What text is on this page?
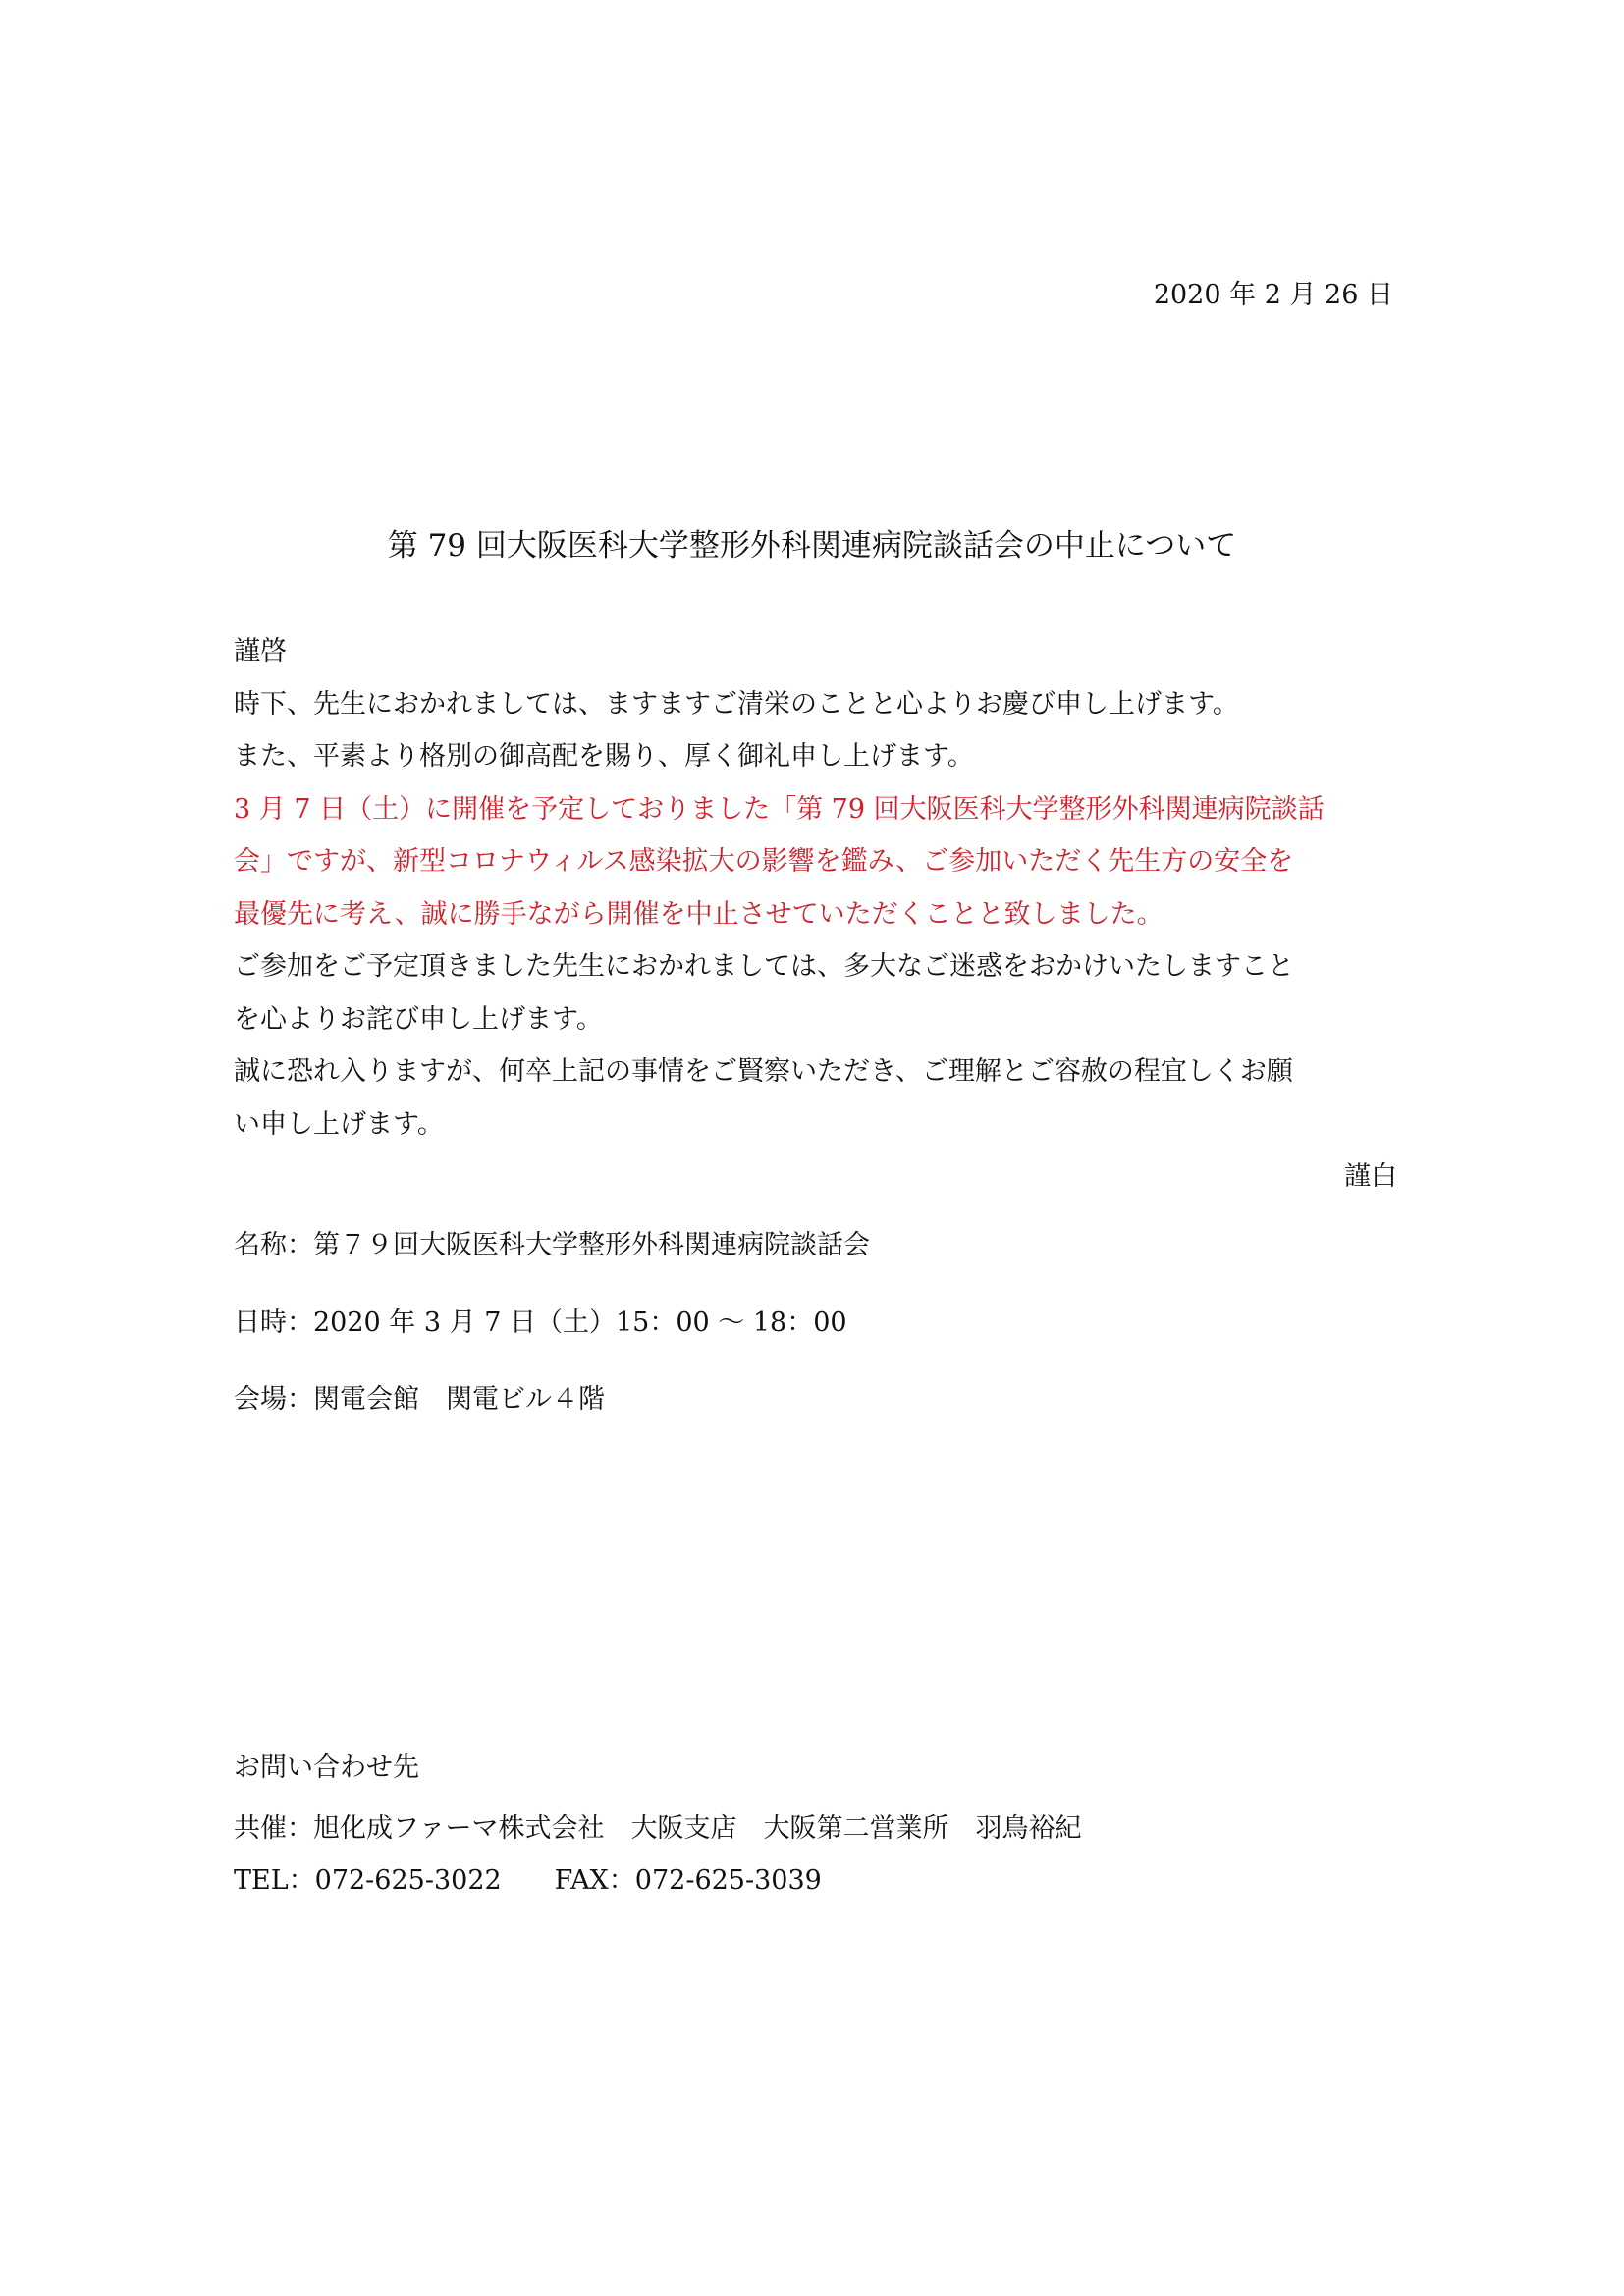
2020 年 2 月 26 日
第 79 回大阪医科大学整形外科関連病院談話会の中止について
謹啓
時下、先生におかれましては、ますますご清栄のことと心よりお慶び申し上げます。
また、平素より格別の御高配を賜り、厚く御礼申し上げます。
3 月 7 日（土）に開催を予定しておりました「第 79 回大阪医科大学整形外科関連病院談話
会」ですが、新型コロナウィルス感染拡大の影響を鑑み、ご参加いただく先生方の安全を
最優先に考え、誠に勝手ながら開催を中止させていただくことと致しました。
ご参加をご予定頂きました先生におかれましては、多大なご迷惑をおかけいたしますこと
を心よりお詫び申し上げます。
誠に恐れ入りますが、何卒上記の事情をご賢察いただき、ご理解とご容赦の程宜しくお願
い申し上げます。
謹白
名称：第７９回大阪医科大学整形外科関連病院談話会
日時：2020 年 3 月 7 日（土）15：00 〜 18：00
会場：関電会館　関電ビル４階
お問い合わせ先
共催：旭化成ファーマ株式会社　大阪支店　大阪第二営業所　羽鳥裕紀
TEL：072-625-3022　　FAX：072-625-3039
